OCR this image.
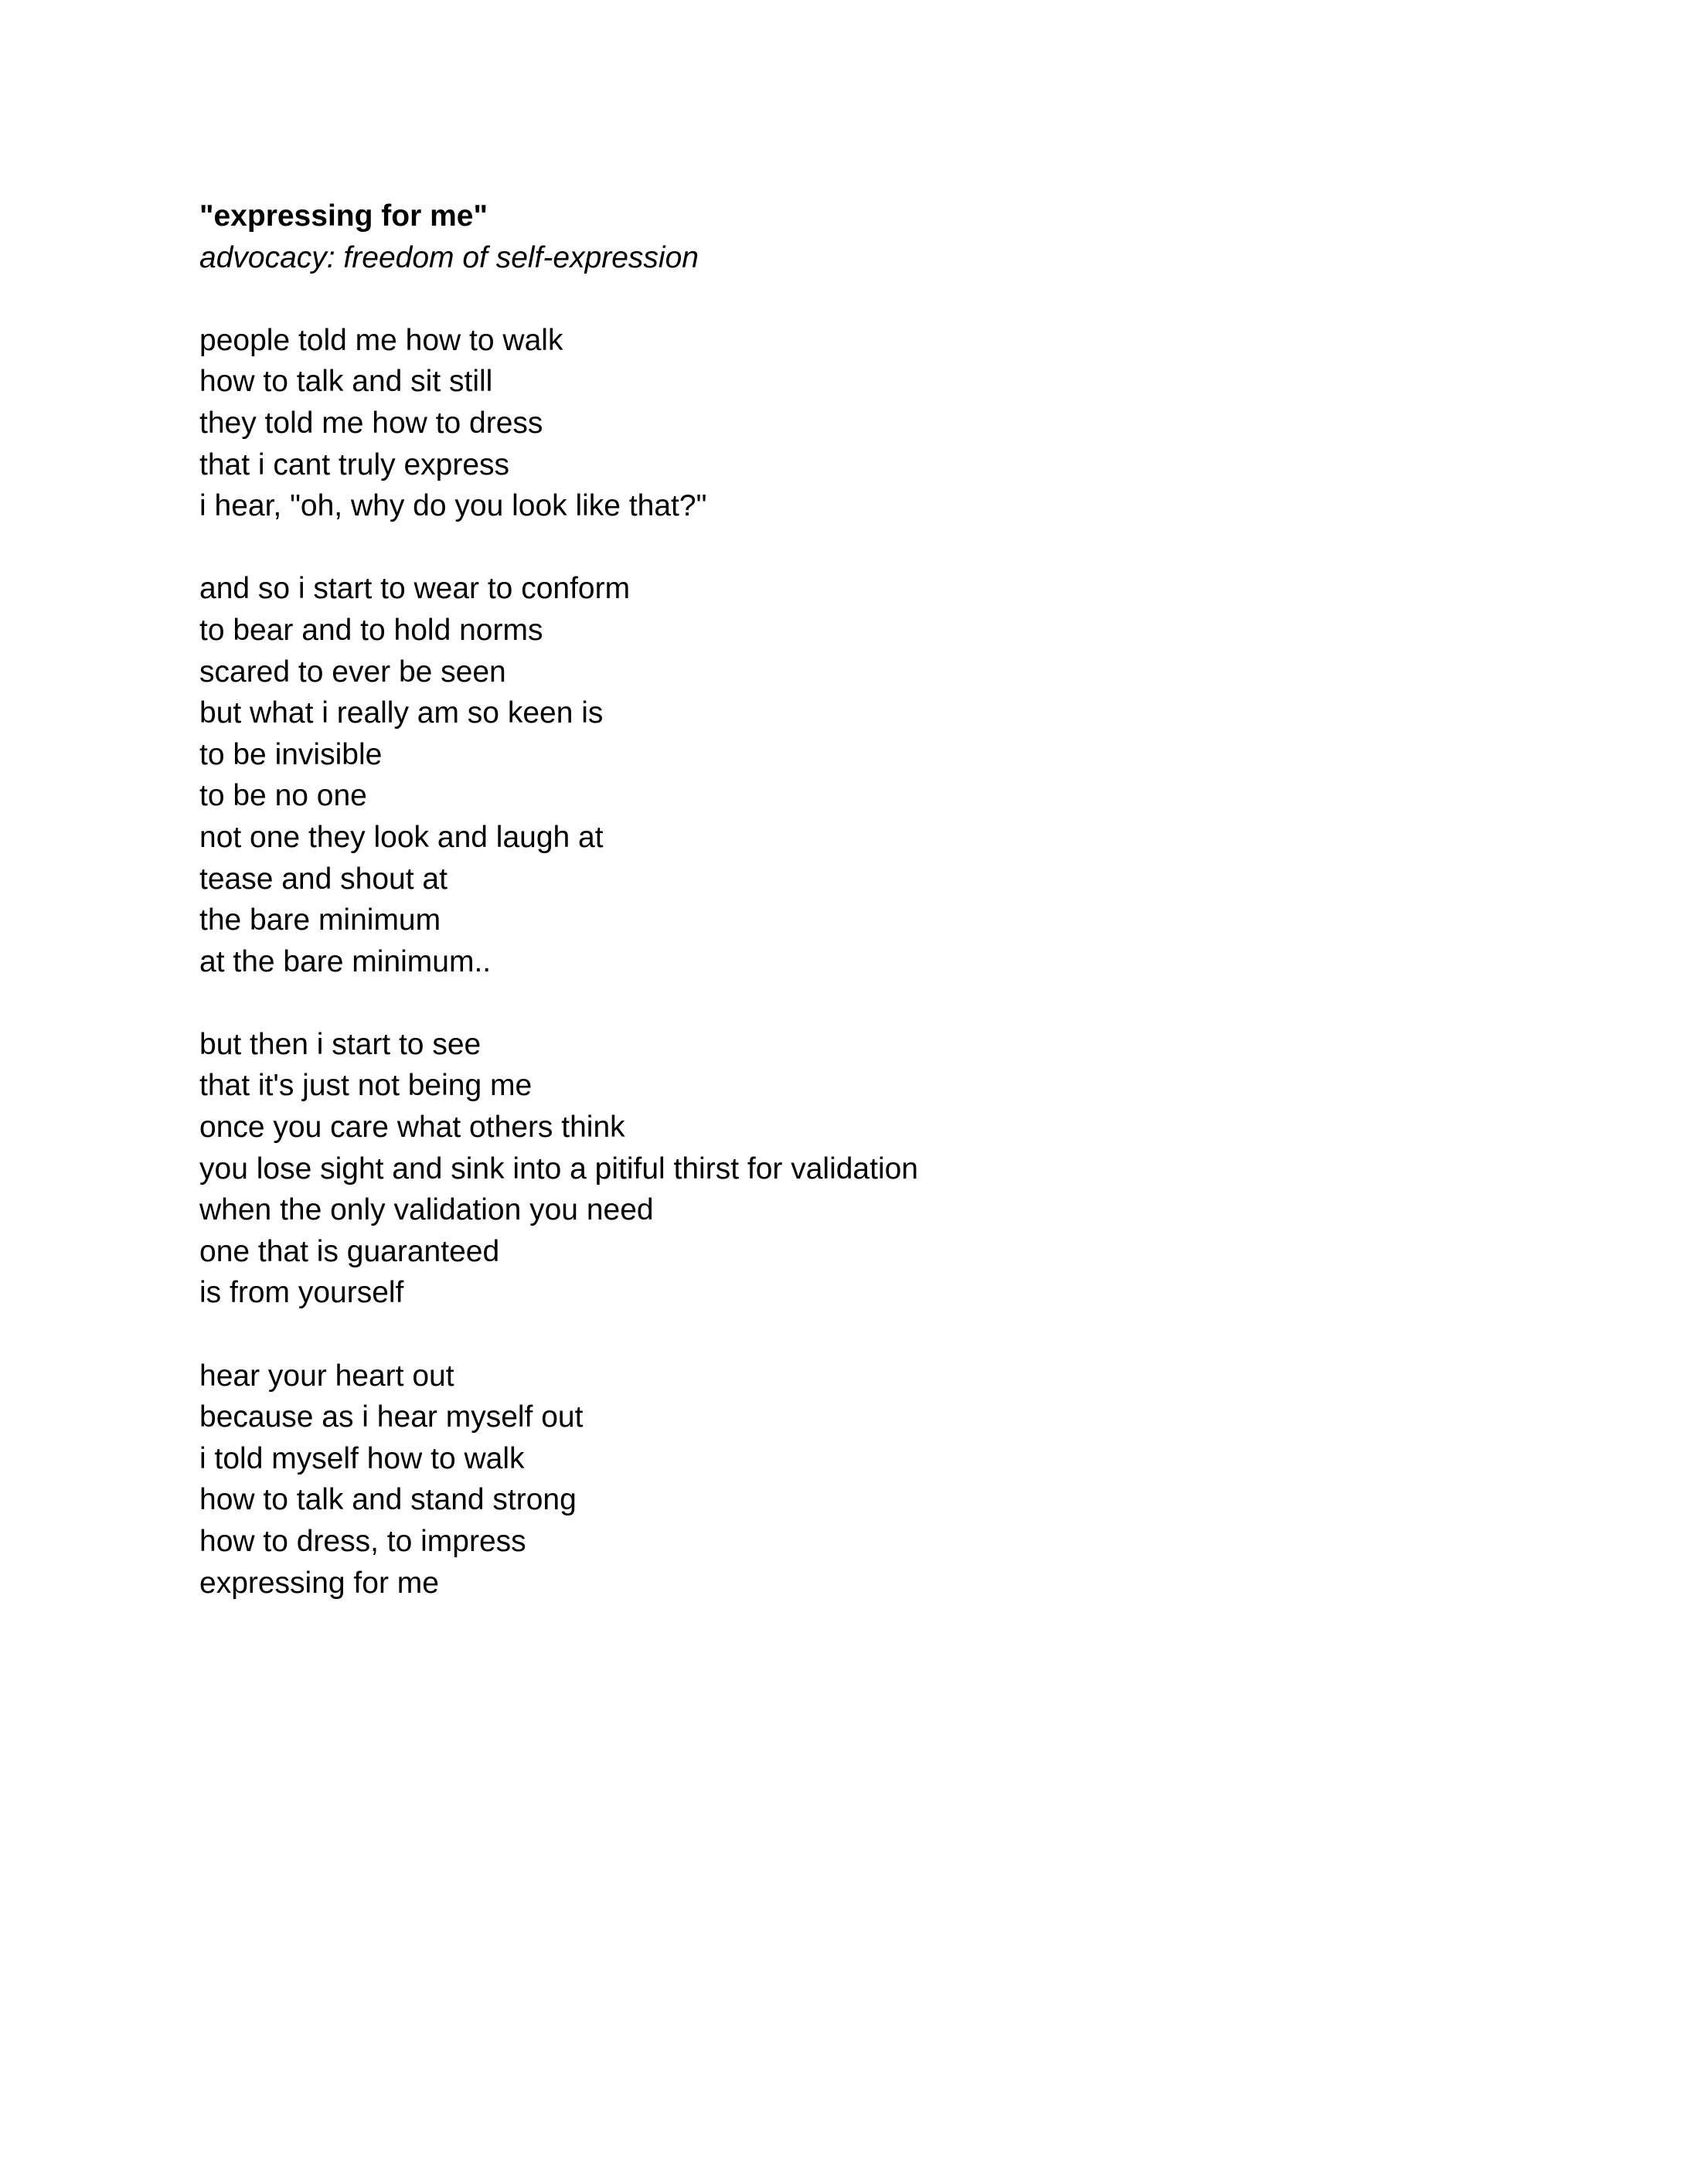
"expressing for me"
advocacy: freedom of self-expression
people told me how to walk
how to talk and sit still
they told me how to dress
that i cant truly express
i hear, "oh, why do you look like that?"
and so i start to wear to conform
to bear and to hold norms
scared to ever be seen
but what i really am so keen is
to be invisible
to be no one
not one they look and laugh at
tease and shout at
the bare minimum
at the bare minimum..
but then i start to see
that it's just not being me
once you care what others think
you lose sight and sink into a pitiful thirst for validation
when the only validation you need
one that is guaranteed
is from yourself
hear your heart out
because as i hear myself out
i told myself how to walk
how to talk and stand strong
how to dress, to impress
expressing for me
